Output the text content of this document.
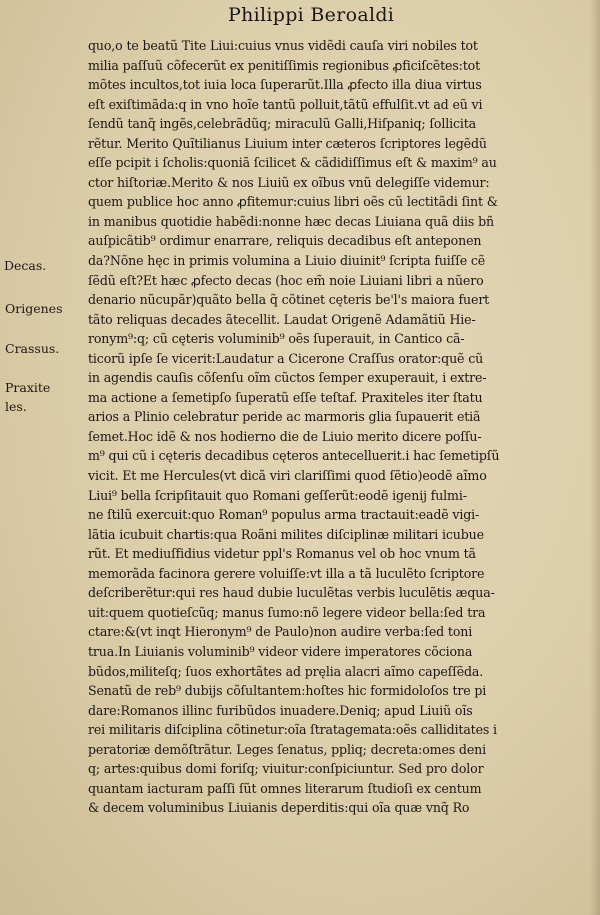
Philippi Beroaldi
Decas.
Origenes
Crassus.
Praxite
les.
quo,o te beatũ Tite Liui:cuius vnus vidẽdi cauſa viri nobiles tot
milia paſſuũ cõfecerũt ex penitiſſimis regionibus ꝓficiſcẽtes:tot
mõtes incultos,tot iuia loca ſuperarũt.Illa ꝓfecto illa diua virtus
eſt exiſtimãda:q in vno hoĩe tantũ polluit,tãtũ effulſit.vt ad eũ vi
ſendũ tanq̃ ingẽs,celebrãdũq; miraculũ Galli,Hiſpaniq; ſollicita
rẽtur. Merito Quĩtilianus Liuium inter cæteros ſcriptores legẽdũ
eſſe pcipit i ſcholis:quoniã ſcilicet & cãdidiſſimus eſt & maxim⁹ au
ctor hiſtoriæ.Merito & nos Liuiũ ex oĩbus vnũ delegiſſe videmur:
quem publice hoc anno ꝓfitemur:cuius libri oẽs cũ lectitãdi ſint &
in manibus quotidie habẽdi:nonne hæc decas Liuiana quã diis bñ
auſpicãtib⁹ ordimur enarrare, reliquis decadibus eſt anteponen
da?Nõne hęc in primis volumina a Liuio diuinit⁹ ſcripta fuiſſe cẽ
ſẽdũ eſt?Et hæc ꝓfecto decas (hoc em̃ noie Liuiani libri a nũero
denario nũcupãr)quãto bella q̃ cõtinet cęteris be'l's maiora fuert
tãto reliquas decades ãtecellit. Laudat Origenẽ Adamãtiũ Hie-
ronym⁹:q; cũ cęteris voluminib⁹ oẽs ſuperauit, in Cantico cã-
ticorũ ipſe ſe vicerit:Laudatur a Cicerone Craſſus orator:quẽ cũ
in agendis cauſis cõſenſu oĩm cũctos ſemper exuperauit, i extre-
ma actione a ſemetipſo ſuperatũ eſſe teſtaf. Praxiteles iter ſtatu
arios a Plinio celebratur peride ac marmoris glia ſupauerit etiã
ſemet.Hoc idẽ & nos hodierno die de Liuio merito dicere poſſu-
m⁹ qui cũ i cęteris decadibus cęteros antecelluerit.i hac ſemetipſũ
vicit. Et me Hercules(vt dicã viri clariſſimi quod ſẽtio)eodẽ aĩmo
Liui⁹ bella ſcripſitauit quo Romani geſſerũt:eodẽ igenij fulmi-
ne ſtilũ exercuit:quo Roman⁹ populus arma tractauit:eadẽ vigi-
lãtia icubuit chartis:qua Roãni milites diſciplinæ militari icubue
rũt. Et mediuſfidius videtur ppl's Romanus vel ob hoc vnum tã
memorãda facinora gerere voluiſſe:vt illa a tã luculẽto ſcriptore
deſcriberẽtur:qui res haud dubie luculẽtas verbis luculẽtis æqua-
uit:quem quotieſcũq; manus ſumo:nõ legere videor bella:ſed tra
ctare:&(vt inqt Hieronym⁹ de Paulo)non audire verba:ſed toni
trua.In Liuianis voluminib⁹ videor videre imperatores cõciona
bũdos,militeſq; ſuos exhortãtes ad pręlia alacri aĩmo capeſſẽda.
Senatũ de reb⁹ dubijs cõſultantem:hoſtes hic formidoloſos tre pi
dare:Romanos illinc furibũdos inuadere.Deniq; apud Liuiũ oĩs
rei militaris diſciplina cõtinetur:oĩa ſtratagemata:oẽs calliditates i
peratoriæ demõſtrãtur. Leges ſenatus, ppliq; decreta:omes deni
q; artes:quibus domi foriſq; viuitur:conſpiciuntur. Sed pro dolor
quantam iacturam paſſi ſũt omnes literarum ſtudioſi ex centum
& decem voluminibus Liuianis deperditis:qui oĩa quæ vnq̃ Ro
